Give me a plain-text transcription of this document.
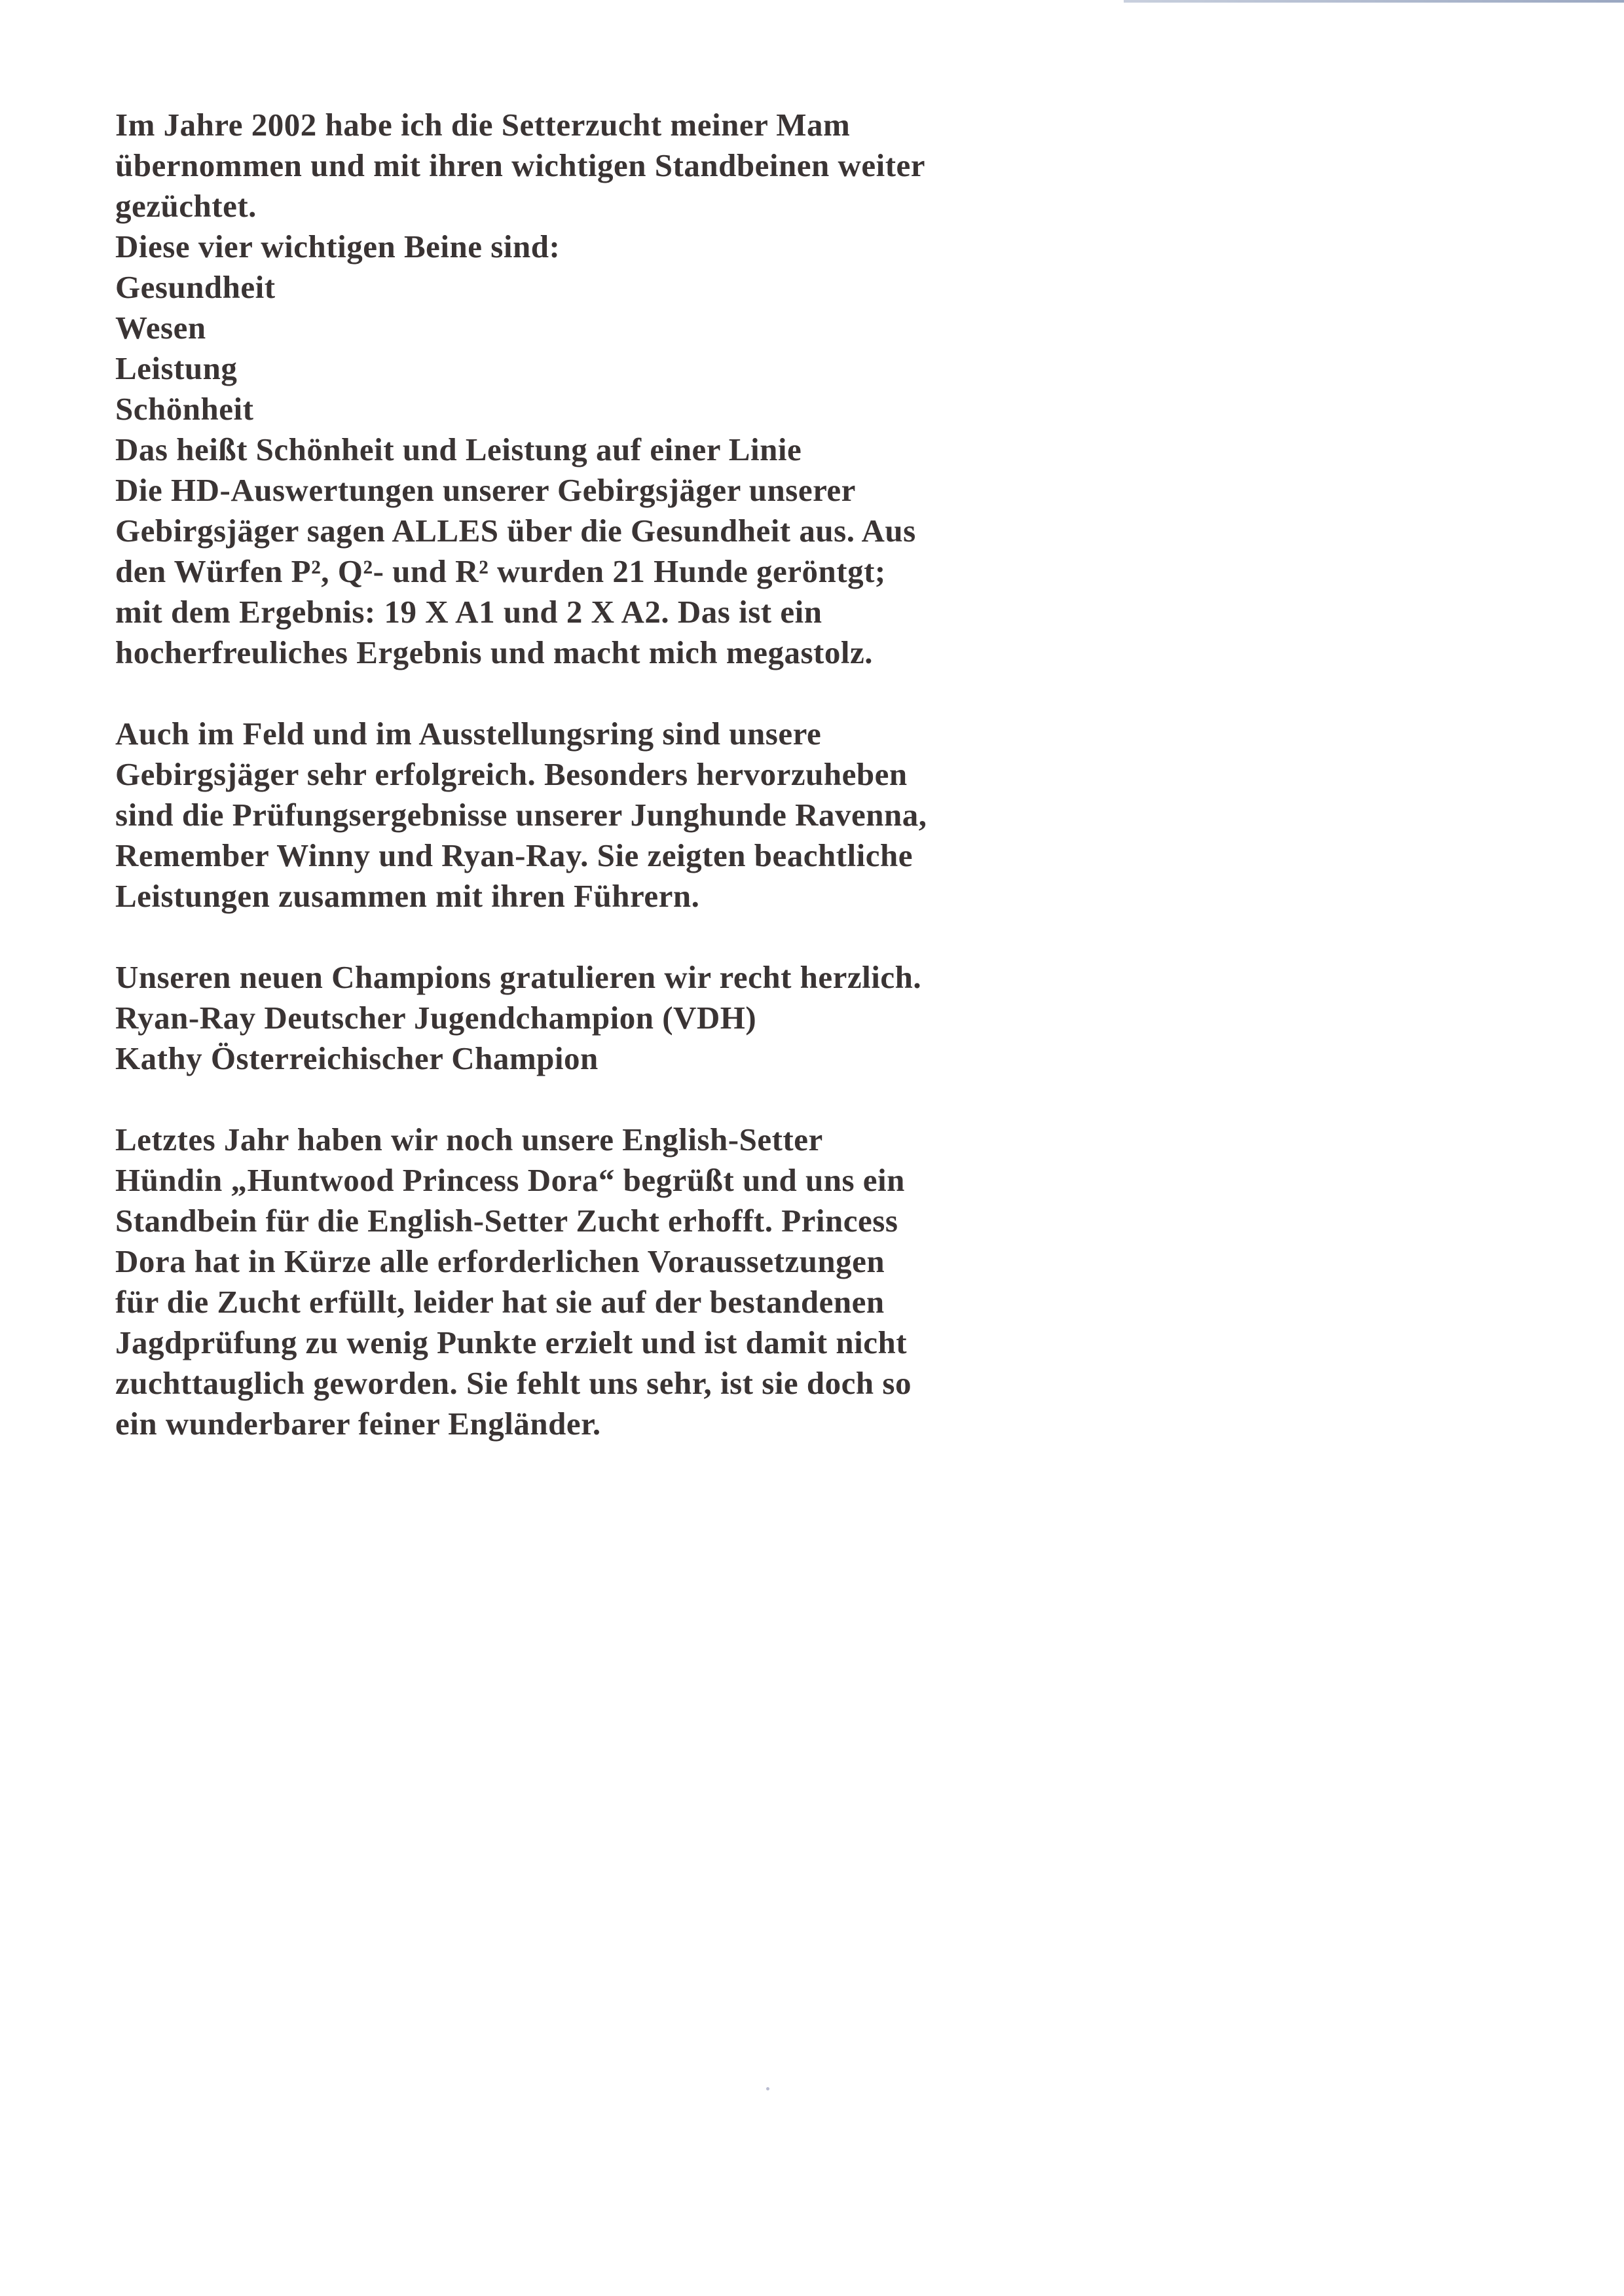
Im Jahre 2002 habe ich die Setterzucht meiner Mam
übernommen und mit ihren wichtigen Standbeinen weiter
gezüchtet.
Diese vier wichtigen Beine sind:
Gesundheit
Wesen
Leistung
Schönheit
Das heißt Schönheit und Leistung auf einer Linie
Die HD-Auswertungen unserer Gebirgsjäger unserer
Gebirgsjäger sagen ALLES über die Gesundheit aus. Aus
den Würfen P², Q²- und R² wurden 21 Hunde geröntgt;
mit dem Ergebnis: 19 X A1 und 2 X A2. Das ist ein
hocherfreuliches Ergebnis und macht mich megastolz.
Auch im Feld und im Ausstellungsring sind unsere
Gebirgsjäger sehr erfolgreich. Besonders hervorzuheben
sind die Prüfungsergebnisse unserer Junghunde Ravenna,
Remember Winny und Ryan-Ray. Sie zeigten beachtliche
Leistungen zusammen mit ihren Führern.
Unseren neuen Champions gratulieren wir recht herzlich.
Ryan-Ray Deutscher Jugendchampion (VDH)
Kathy Österreichischer Champion
Letztes Jahr haben wir noch unsere English-Setter
Hündin „Huntwood Princess Dora“ begrüßt und uns ein
Standbein für die English-Setter Zucht erhofft. Princess
Dora hat in Kürze alle erforderlichen Voraussetzungen
für die Zucht erfüllt, leider hat sie auf der bestandenen
Jagdprüfung zu wenig Punkte erzielt und ist damit nicht
zuchttauglich geworden. Sie fehlt uns sehr, ist sie doch so
ein wunderbarer feiner Engländer.
